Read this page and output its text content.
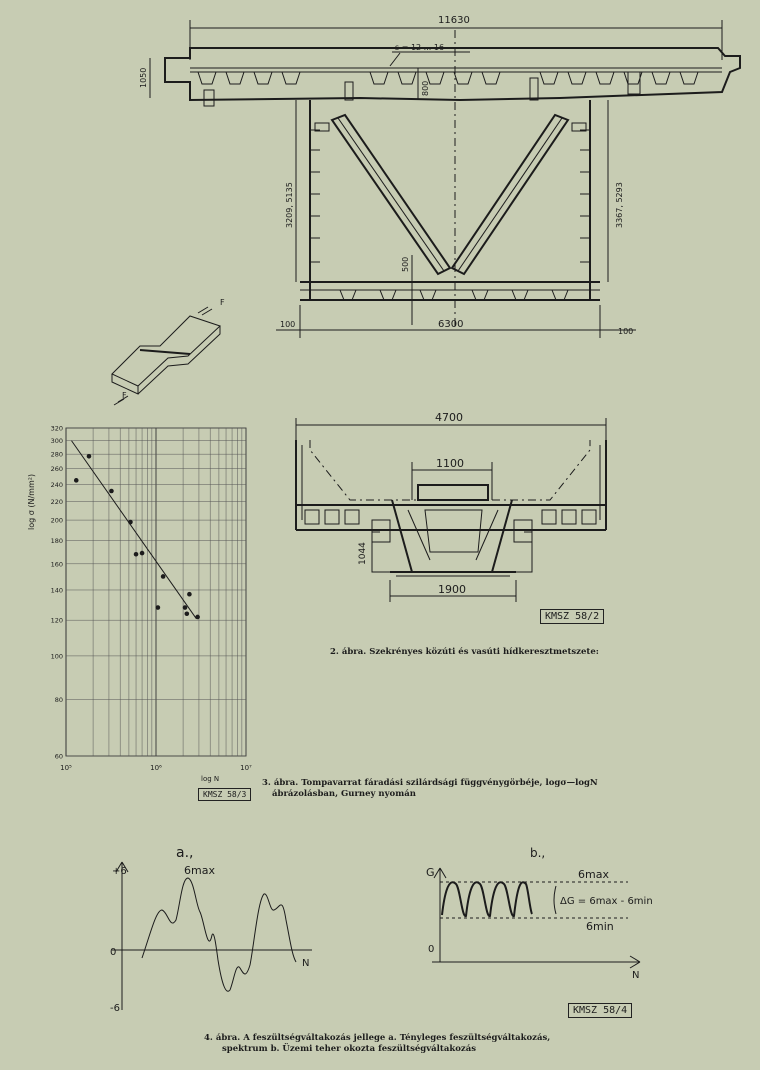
11630
1050
s = 12 ... 16
800
500
3209, 5135	3367, 5293
6300
100
100
F
F
4700
1100
1044
1900
320
300
280
260
240
220
200
180
160
140
120
100
80
60
10⁵	10⁶	10⁷
log σ (N/mm²)
log N
a.,
+6
0
-6
N
6max
b.,
G
0
N
6max
6min
ΔG = 6max - 6min
KMSZ 58/2
2. ábra. Szekrényes közúti és vasúti hídkeresztmetszete:
KMSZ 58/3
3. ábra. Tompavarrat fáradási szilárdsági függvénygörbéje, logσ—logN
ábrázolásban, Gurney nyomán
KMSZ 58/4
4. ábra. A feszültségváltakozás jellege a. Tényleges feszültségváltakozás,
spektrum b. Üzemi teher okozta feszültségváltakozás
